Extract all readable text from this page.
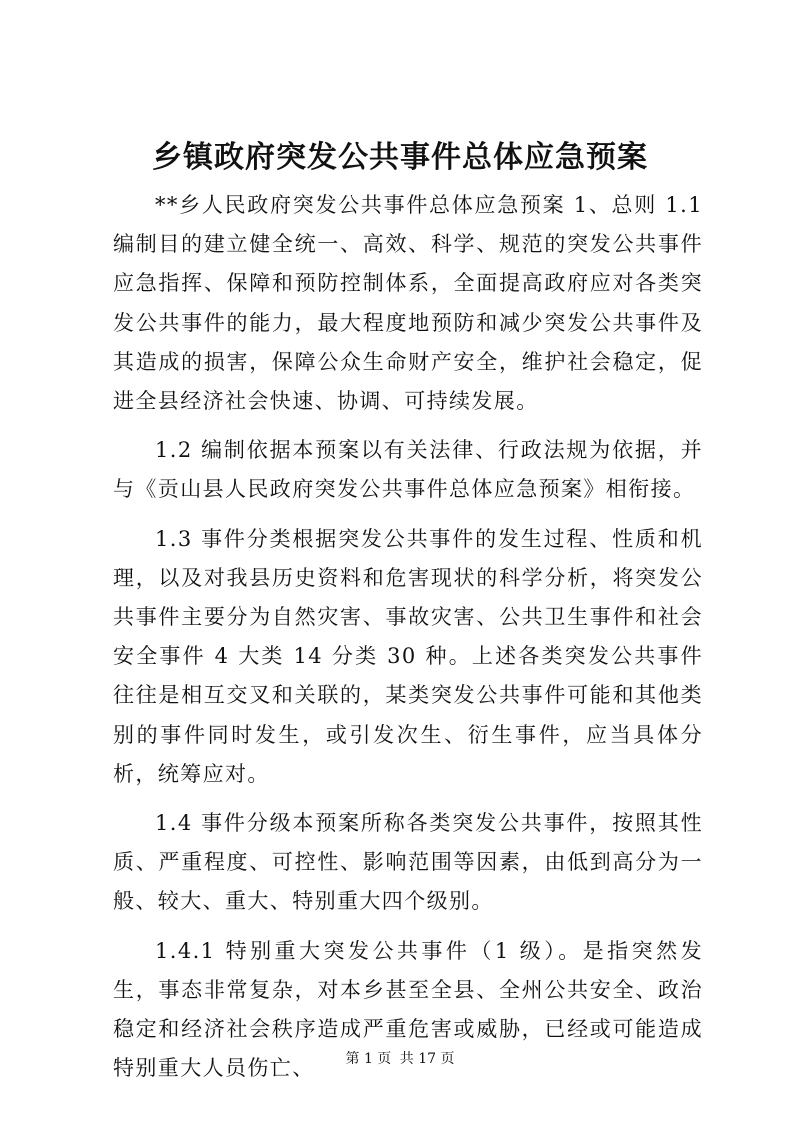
乡镇政府突发公共事件总体应急预案

**乡人民政府突发公共事件总体应急预案 1、总则 1.1 编制目的建立健全统一、高效、科学、规范的突发公共事件应急指挥、保障和预防控制体系，全面提高政府应对各类突发公共事件的能力，最大程度地预防和减少突发公共事件及其造成的损害，保障公众生命财产安全，维护社会稳定，促进全县经济社会快速、协调、可持续发展。

1.2 编制依据本预案以有关法律、行政法规为依据，并与《贡山县人民政府突发公共事件总体应急预案》相衔接。

1.3 事件分类根据突发公共事件的发生过程、性质和机理，以及对我县历史资料和危害现状的科学分析，将突发公共事件主要分为自然灾害、事故灾害、公共卫生事件和社会安全事件 4 大类 14 分类 30 种。上述各类突发公共事件往往是相互交叉和关联的，某类突发公共事件可能和其他类别的事件同时发生，或引发次生、衍生事件，应当具体分析，统筹应对。

1.4 事件分级本预案所称各类突发公共事件，按照其性质、严重程度、可控性、影响范围等因素，由低到高分为一般、较大、重大、特别重大四个级别。

1.4.1 特别重大突发公共事件（1 级）。是指突然发生，事态非常复杂，对本乡甚至全县、全州公共安全、政治稳定和经济社会秩序造成严重危害或威胁，已经或可能造成特别重大人员伤亡、	第 1 页 共 17 页
